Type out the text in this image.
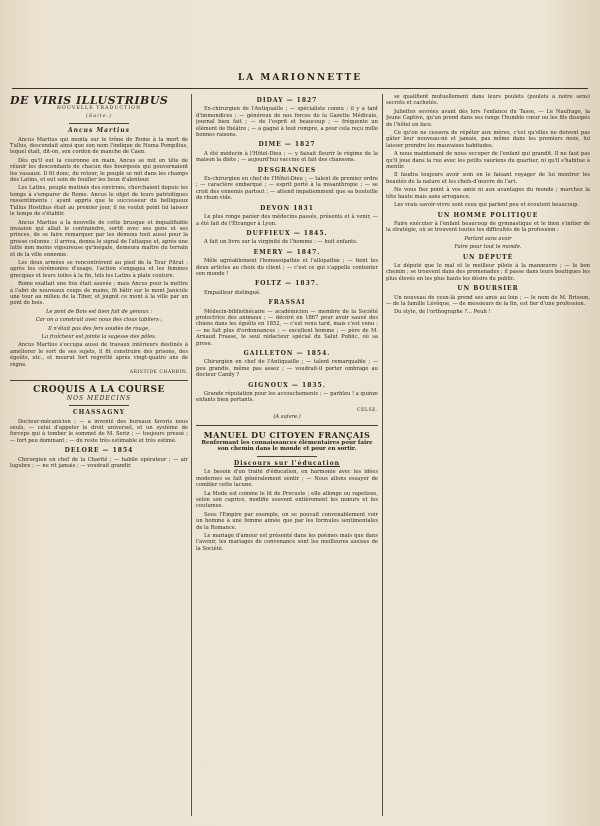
LA MARIONNETTE
DE VIRIS ILLUSTRIBUS
NOUVELLE TRADUCTION
(Suite.)
Ancus Martius

Ancus Martius qui monta sur le trône de Rome à la mort de Tullus, descendait ainsi que son nom l'indique de Numa Pompilius, lequel était, dit-on, son cordon de manche de Caen.

Dès qu'il eut la couronne en main, Ancus se mit en tête de réunir les descendants de chacun des bourgeois qui gouvernaient les vassaux. Il fit donc, de retour, le peuple se mit dans les champs des Latins, et eut soin de fouiller les lieux d'alentour.

Les Latins, peuple mutinés des environs, cherchaient depuis les temps à s'emparer de Rome. Ancus le objet de leurs patriotiques ressentiments ; ayant appris que le successeur du belliqueux Tullus Hostilius était au premier jour, il ne voulut point lui laisser le temps de s'établir.

Ancus Martius a la nouvelle de cette brusque et inqualifiable invasion qui allait le contraindre, sortit avec ses gens et ses princes, de se faire remarquer par les démons tout aussi pour la grosse colonne ; il arriva, donna le signal de l'attaque et, après une lutte non moins vigoureuse qu'inégale, demeura maître du terrain et de la ville ennemie.

Les deux armées se rencontrèrent au pied de la Tour Pitrat ; après les cérémonies d'usage, l'action s'engagea et les femmes grecques et leurs toiles à la fin, tels les Latins à plate couture.

Rome exaltait une fois était sauvée ; mais Ancus pour la mettre à l'abri de nouveaux coups de mains, fit bâtir sur le mont Janicule une tour au milieu de la Tiber, et joignit ce mont à la ville par un pont de bois.

Le pont de Bois est bien fait de genoux :
Car on a construit avec nous des clous tabliers ;
Il n'était pas des fers soudés de rouge,
La fraîcheur est jointe la sagesse des pôles.

Ancus Martius s'occupa aussi de travaux intérieurs destinés à améliorer le sort de ses sujets, il fit construire des prisons, des égoûts, etc., et mourut fort regretté après vingt-quatre ans de règne.

ARISTIDE CHARBIN.
CROQUIS A LA COURSE
NOS MÉDECINS
CHASSAGNY

Docteur-mécanicien ; — a inventé des bureaux favoris nous seuls, — celui d'appeler le droit universel, et un système de forceps qui à tomber le sommet de M. Seriz ; — toujours pressé ; — fort peu dominant ; — du reste très estimable et très estimé.

DELORE — 1854

Chirurgien en chef de la Charité ; — habile opérateur ; — air lugubre ; — ne rit jamais ; — voudrait grandir.

DIDAY — 1827

Ex-chirurgien de l'Antiquaille ; — spécialiste connu ; il y a tant d'immondices ; — généreux de nos forces de la Gazette Médicale, journal bien fait ; — de l'esprit et beaucoup ; — fréquente un élément de théâtre ; — a gagné à tout rompre, a pour cela reçu mille bonnes raisons.

DIME — 1827

A été médecin à l'Hôtel-Dieu ; — y faisait fleurir le régime de la maison la diète ; — aujourd'hui vaccine et fait des chansons.

DESGRANGES

Ex-chirurgien en chef de l'Hôtel-Dieu ; — talent de premier ordre ; — caractère embarqué ; — esprit porté à la misanthropie ; — se croit des ennemis partout ; — attend impatiemment que sa bouteille de rhum vide.

DEVON 1831

Le plus ronge panier des médecins passés, présents et à venir, — a été fait de l'Étranger à Lyon.

DUFFIEUX — 1845.

A fait un livre sur la virginité de l'homme : — huit enfants.

EMERY — 1847.

Mêle agréablement l'homoeopathie et l'allopathie ; — tient les deux articles au choix du client ; — c'est ce qui s'appelle contenter son monde !

FOLTZ — 1837.

Empailleur distingué.

FRASSAI

Médecin-bibliothécaire — académicien — membre de la Société protectrice des animaux ; — décoré en 1867 pour avoir sauvé des chiens dans les égoûts en 1852, — c'est venu tard, mais c'est venu ; — ne fait plus d'ordonnances ; — excellent homme ; — père de M. Arnaud Frasse, le seul rédacteur spécial du Salut Public, où sa prose.

GAILLETON — 1854.

Chirurgien en chef de l'Antiquaille ; — talent remarquable ; — peu grandis, même pas assez ; — voudrait-il porter ombrage au docteur Candy ?

GIGNOUX — 1835.

Grande réputation pour les accouchements ; — parbleu ! a quinze enfants bien portants.

CELSE.
(A suivre.)
MANUEL DU CITOYEN FRANÇAIS
Renfermant les connaissances élémentaires pour faire son chemin dans le monde et pour en sortir.
Discours sur l'éducation

Le besoin d'un traité d'éducation, en harmonie avec les idées modernes se fait généralement sentir ; — Nous allons essayer de combler cette lacune.

La Mode est comme le lit de Procuste ; elle allonge ou rapetisse, selon son caprice, modifie souvent entièrement les mœurs et les coutumes.

Sous l'Empire par exemple, on se pouvait convenablement voir un homme à une femme aimée que par les formules sentimentales de la Romance.

Le mariage d'amour est présenté dans les poèmes mais que dans l'avenir, les mariages de convenance sont les meilleures assises de la Société.

se qualifient mutuellement dans leurs poulets (poulets à notre sens) secrets et cachetés.

Juliettes sevrées avant dès lors l'enfance du Tasse, — Le Naufrage, la Jeune Captive, qu'un prend dans ses rangs l'humble cœur ou les fils dissipés de l'hôtel en face.

Ce qu'on ne cessera de répéter aux mères, c'est qu'elles ne doivent pas gâter leur nouveau-né et jamais, pas même dans les premiers mois, lui laisser prendre les mauvaises habitudes.

A nous maintenant de nous occuper de l'enfant qui grandit. Il ne faut pas qu'il joue dans la rue avec les petits vauriens du quartier, ni qu'il s'habitue à mentir.

Il faudra toujours avoir soin en le faisant voyager de lui montrer les beautés de la nature et les chefs-d'œuvre de l'art.

Ne vous fiez point à vos amis ni aux avantages du monde ; marchez la tête haute mais sans arrogance.

Les vrais savoir-vivre sont ceux qui parlent peu et écoutent beaucoup.

UN HOMME POLITIQUE

Faire exécuter à l'enfant beaucoup de gymnastique et le bien s'initier de la stratégie, où se trouvent toutes les difficultés de la profession :

Parlant sans avoir
Faire pour tout le monde.
UN DÉPUTÉ

Le député que le mal et le meilleur pilote à la manœuvre ; — le bon chemin ; se trouvent dans des promenades ; il passe dans leurs boutiques les plus élevés en les plus hauts les désirs du public.

UN BOURSIER

Un nouveau de ceux-là prend ses amis au loin ; — le nom de M. Brisson, — de la famille Lévêque, — de messieurs de la fin, est fier d'une profession.

Du style, de l'orthographe ?... Peuh !
